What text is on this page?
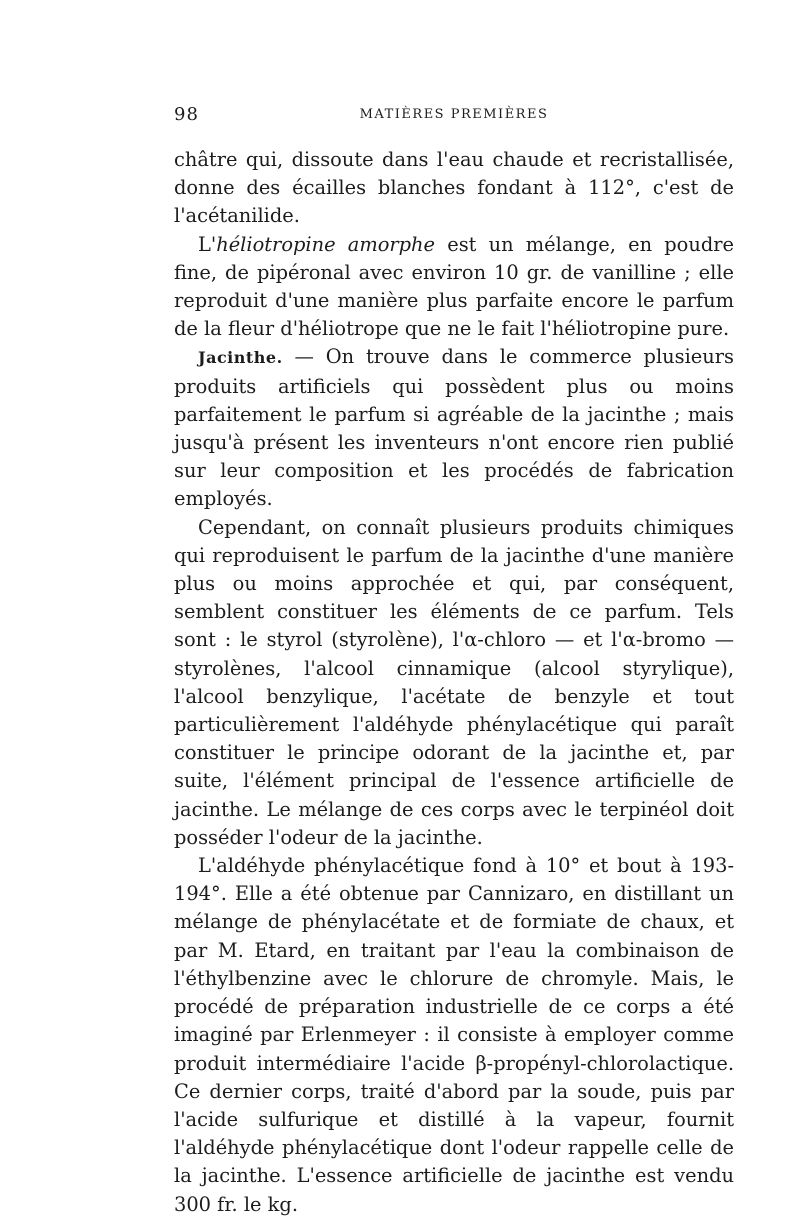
98	MATIÈRES PREMIÈRES

châtre qui, dissoute dans l'eau chaude et recristallisée, donne des écailles blanches fondant à 112°, c'est de l'acétanilide.

L'héliotropine amorphe est un mélange, en poudre fine, de pipéronal avec environ 10 gr. de vanilline ; elle reproduit d'une manière plus parfaite encore le parfum de la fleur d'héliotrope que ne le fait l'héliotropine pure.

Jacinthe. — On trouve dans le commerce plusieurs produits artificiels qui possèdent plus ou moins parfaitement le parfum si agréable de la jacinthe ; mais jusqu'à présent les inventeurs n'ont encore rien publié sur leur composition et les procédés de fabrication employés.

Cependant, on connaît plusieurs produits chimiques qui reproduisent le parfum de la jacinthe d'une manière plus ou moins approchée et qui, par conséquent, semblent constituer les éléments de ce parfum. Tels sont : le styrol (styrolène), l'α-chloro — et l'α-bromo — styrolènes, l'alcool cinnamique (alcool styrylique), l'alcool benzylique, l'acétate de benzyle et tout particulièrement l'aldéhyde phénylacétique qui paraît constituer le principe odorant de la jacinthe et, par suite, l'élément principal de l'essence artificielle de jacinthe. Le mélange de ces corps avec le terpinéol doit posséder l'odeur de la jacinthe.

L'aldéhyde phénylacétique fond à 10° et bout à 193-194°. Elle a été obtenue par Cannizaro, en distillant un mélange de phénylacétate et de formiate de chaux, et par M. Etard, en traitant par l'eau la combinaison de l'éthylbenzine avec le chlorure de chromyle. Mais, le procédé de préparation industrielle de ce corps a été imaginé par Erlenmeyer : il consiste à employer comme produit intermédiaire l'acide β-propényl-chlorolactique. Ce dernier corps, traité d'abord par la soude, puis par l'acide sulfurique et distillé à la vapeur, fournit l'aldéhyde phénylacétique dont l'odeur rappelle celle de la jacinthe. L'essence artificielle de jacinthe est vendu 300 fr. le kg.
